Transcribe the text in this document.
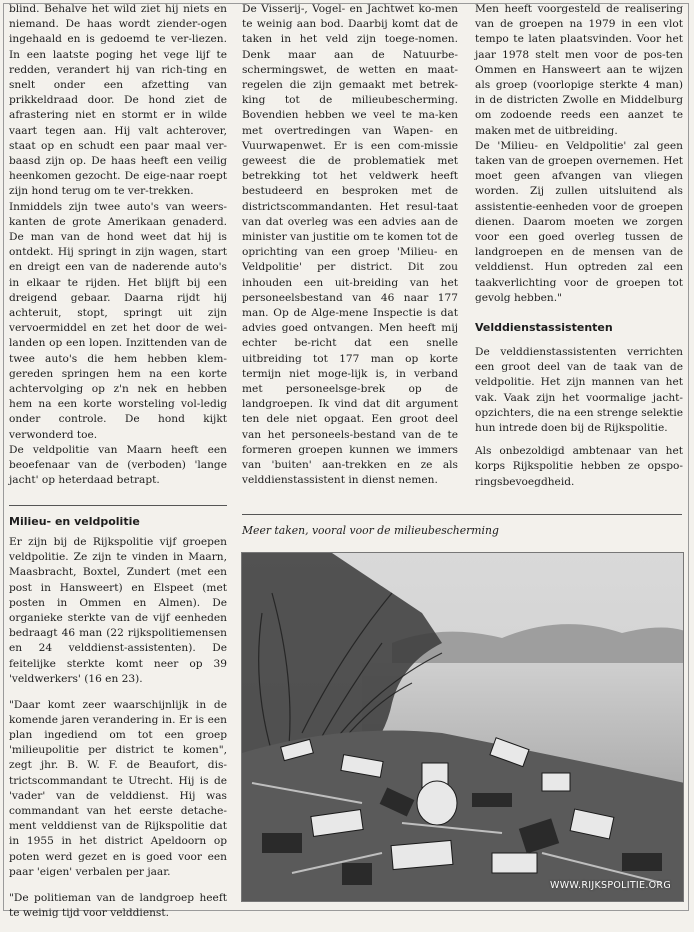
blind. Behalve het wild ziet hij niets en niemand. De haas wordt ziender-ogen ingehaald en is gedoemd te ver-liezen. In een laatste poging het vege lijf te redden, verandert hij van rich-ting en snelt onder een afzetting van prikkeldraad door. De hond ziet de afrastering niet en stormt er in wilde vaart tegen aan. Hij valt achterover, staat op en schudt een paar maal ver-baasd zijn op. De haas heeft een veilig heenkomen gezocht. De eige-naar roept zijn hond terug om te ver-trekken.

Inmiddels zijn twee auto's van weers-kanten de grote Amerikaan genaderd. De man van de hond weet dat hij is ontdekt. Hij springt in zijn wagen, start en dreigt een van de naderende auto's in elkaar te rijden. Het blijft bij een dreigend gebaar. Daarna rijdt hij achteruit, stopt, springt uit zijn vervoermiddel en zet het door de wei-landen op een lopen. Inzittenden van de twee auto's die hem hebben klem-gereden springen hem na een korte achtervolging op z'n nek en hebben hem na een korte worsteling vol-ledig onder controle. De hond kijkt verwonderd toe.

De veldpolitie van Maarn heeft een beoefenaar van de (verboden) 'lange jacht' op heterdaad betrapt.

Milieu- en veldpolitie

Er zijn bij de Rijkspolitie vijf groepen veldpolitie. Ze zijn te vinden in Maarn, Maasbracht, Boxtel, Zundert (met een post in Hansweert) en Elspeet (met posten in Ommen en Almen). De organieke sterkte van de vijf eenheden bedraagt 46 man (22 rijkspolitiemensen en 24 velddienst-assistenten). De feitelijke sterkte komt neer op 39 'veldwerkers' (16 en 23).

"Daar komt zeer waarschijnlijk in de komende jaren verandering in. Er is een plan ingediend om tot een groep 'milieupolitie per district te komen", zegt jhr. B. W. F. de Beaufort, dis-trictscommandant te Utrecht. Hij is de 'vader' van de velddienst. Hij was commandant van het eerste detache-ment velddienst van de Rijkspolitie dat in 1955 in het district Apeldoorn op poten werd gezet en is goed voor een paar 'eigen' verbalen per jaar.

"De politieman van de landgroep heeft te weinig tijd voor velddienst.

De Visserij-, Vogel- en Jachtwet ko-men te weinig aan bod. Daarbij komt dat de taken in het veld zijn toege-nomen. Denk maar aan de Natuurbe-schermingswet, de wetten en maat-regelen die zijn gemaakt met betrek-king tot de milieubescherming. Bovendien hebben we veel te ma-ken met overtredingen van Wapen- en Vuurwapenwet. Er is een com-missie geweest die de problematiek met betrekking tot het veldwerk heeft bestudeerd en besproken met de districtscommandanten. Het resul-taat van dat overleg was een advies aan de minister van justitie om te komen tot de oprichting van een groep 'Milieu- en Veldpolitie' per district. Dit zou inhouden een uit-breiding van het personeelsbestand van 46 naar 177 man. Op de Alge-mene Inspectie is dat advies goed ontvangen. Men heeft mij echter be-richt dat een snelle uitbreiding tot 177 man op korte termijn niet moge-lijk is, in verband met personeelsge-brek op de landgroepen. Ik vind dat dit argument ten dele niet opgaat. Een groot deel van het personeels-bestand van de te formeren groepen kunnen we immers van 'buiten' aan-trekken en ze als velddienstassistent in dienst nemen.

Men heeft voorgesteld de realisering van de groepen na 1979 in een vlot tempo te laten plaatsvinden. Voor het jaar 1978 stelt men voor de pos-ten Ommen en Hansweert aan te wijzen als groep (voorlopige sterkte 4 man) in de districten Zwolle en Middelburg om zodoende reeds een aanzet te maken met de uitbreiding.

De 'Milieu- en Veldpolitie' zal geen taken van de groepen overnemen. Het moet geen afvangen van vliegen worden. Zij zullen uitsluitend als assistentie-eenheden voor de groepen dienen. Daarom moeten we zorgen voor een goed overleg tussen de landgroepen en de mensen van de velddienst. Hun optreden zal een taakverlichting voor de groepen tot gevolg hebben."

Velddienstassistenten

De velddienstassistenten verrichten een groot deel van de taak van de veldpolitie. Het zijn mannen van het vak. Vaak zijn het voormalige jacht-opzichters, die na een strenge selektie hun intrede doen bij de Rijkspolitie.

Als onbezoldigd ambtenaar van het korps Rijkspolitie hebben ze opspo-ringsbevoegdheid.

Meer taken, vooral voor de milieubescherming
WWW.RIJKSPOLITIE.ORG
